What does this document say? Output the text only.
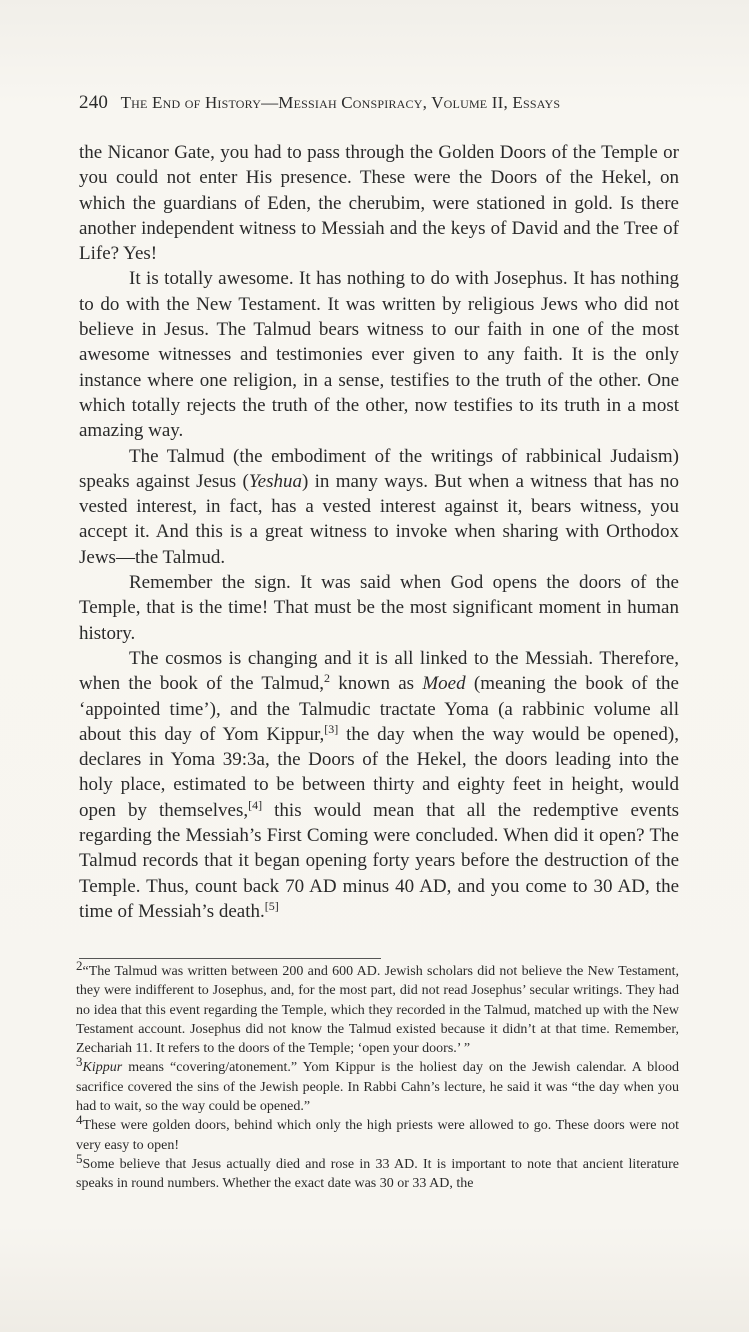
240 The End of History—Messiah Conspiracy, Volume II, Essays

the Nicanor Gate, you had to pass through the Golden Doors of the Temple or you could not enter His presence. These were the Doors of the Hekel, on which the guardians of Eden, the cherubim, were stationed in gold. Is there another independent witness to Messiah and the keys of David and the Tree of Life? Yes!

It is totally awesome. It has nothing to do with Josephus. It has nothing to do with the New Testament. It was written by religious Jews who did not believe in Jesus. The Talmud bears witness to our faith in one of the most awesome witnesses and testimonies ever given to any faith. It is the only instance where one religion, in a sense, testifies to the truth of the other. One which totally rejects the truth of the other, now testifies to its truth in a most amazing way.

The Talmud (the embodiment of the writings of rabbinical Judaism) speaks against Jesus (Yeshua) in many ways. But when a witness that has no vested interest, in fact, has a vested interest against it, bears witness, you accept it. And this is a great witness to invoke when sharing with Orthodox Jews—the Talmud.

Remember the sign. It was said when God opens the doors of the Temple, that is the time! That must be the most significant moment in human history.

The cosmos is changing and it is all linked to the Messiah. Therefore, when the book of the Talmud,$^2$ known as Moed (meaning the book of the ‘appointed time’), and the Talmudic tractate Yoma (a rabbinic volume all about this day of Yom Kippur,[3] the day when the way would be opened), declares in Yoma 39:3a, the Doors of the Hekel, the doors leading into the holy place, estimated to be between thirty and eighty feet in height, would open by themselves,[4] this would mean that all the redemptive events regarding the Messiah’s First Coming were concluded. When did it open? The Talmud records that it began opening forty years before the destruction of the Temple. Thus, count back 70 AD minus 40 AD, and you come to 30 AD, the time of Messiah’s death.[5]

$^2$“The Talmud was written between 200 and 600 AD. Jewish scholars did not believe the New Testament, they were indifferent to Josephus, and, for the most part, did not read Josephus’ secular writings. They had no idea that this event regarding the Temple, which they recorded in the Talmud, matched up with the New Testament account. Josephus did not know the Talmud existed because it didn’t at that time. Remember, Zechariah 11. It refers to the doors of the Temple; ‘open your doors.’ ”

$^3$Kippur means “covering/atonement.” Yom Kippur is the holiest day on the Jewish calendar. A blood sacrifice covered the sins of the Jewish people. In Rabbi Cahn’s lecture, he said it was “the day when you had to wait, so the way could be opened.”

$^4$These were golden doors, behind which only the high priests were allowed to go. These doors were not very easy to open!

$^5$Some believe that Jesus actually died and rose in 33 AD. It is important to note that ancient literature speaks in round numbers. Whether the exact date was 30 or 33 AD, the
